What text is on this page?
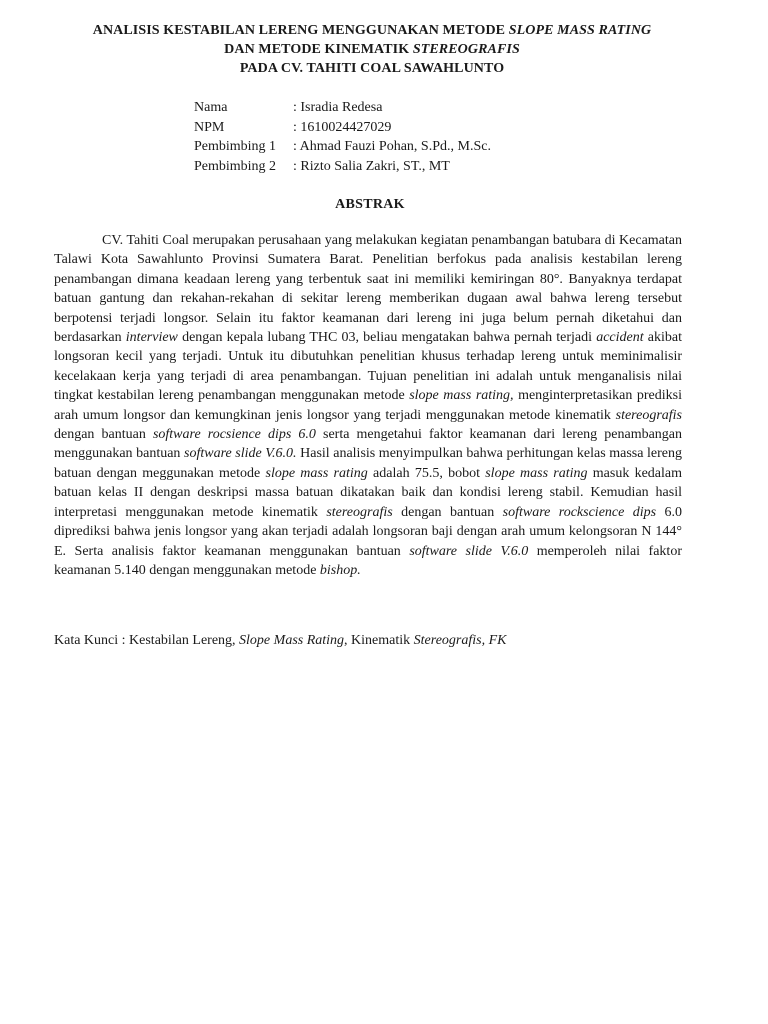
ANALISIS KESTABILAN LERENG MENGGUNAKAN METODE SLOPE MASS RATING
DAN METODE KINEMATIK STEREOGRAFIS
PADA CV. TAHITI COAL SAWAHLUNTO
Nama	: Isradia Redesa
NPM	: 1610024427029
Pembimbing 1	: Ahmad Fauzi Pohan, S.Pd., M.Sc.
Pembimbing 2	: Rizto Salia Zakri, ST., MT
ABSTRAK

CV. Tahiti Coal merupakan perusahaan yang melakukan kegiatan penambangan batubara di Kecamatan Talawi Kota Sawahlunto Provinsi Sumatera Barat. Penelitian berfokus pada analisis kestabilan lereng penambangan dimana keadaan lereng yang terbentuk saat ini memiliki kemiringan 80°. Banyaknya terdapat batuan gantung dan rekahan-rekahan di sekitar lereng memberikan dugaan awal bahwa lereng tersebut berpotensi terjadi longsor. Selain itu faktor keamanan dari lereng ini juga belum pernah diketahui dan berdasarkan interview dengan kepala lubang THC 03, beliau mengatakan bahwa pernah terjadi accident akibat longsoran kecil yang terjadi. Untuk itu dibutuhkan penelitian khusus terhadap lereng untuk meminimalisir kecelakaan kerja yang terjadi di area penambangan. Tujuan penelitian ini adalah untuk menganalisis nilai tingkat kestabilan lereng penambangan menggunakan metode slope mass rating, menginterpretasikan prediksi arah umum longsor dan kemungkinan jenis longsor yang terjadi menggunakan metode kinematik stereografis dengan bantuan software rocsience dips 6.0 serta mengetahui faktor keamanan dari lereng penambangan menggunakan bantuan software slide V.6.0. Hasil analisis menyimpulkan bahwa perhitungan kelas massa lereng batuan dengan meggunakan metode slope mass rating adalah 75.5, bobot slope mass rating masuk kedalam batuan kelas II dengan deskripsi massa batuan dikatakan baik dan kondisi lereng stabil. Kemudian hasil interpretasi menggunakan metode kinematik stereografis dengan bantuan software rockscience dips 6.0 diprediksi bahwa jenis longsor yang akan terjadi adalah longsoran baji dengan arah umum kelongsoran N 144° E. Serta analisis faktor keamanan menggunakan bantuan software slide V.6.0 memperoleh nilai faktor keamanan 5.140 dengan menggunakan metode bishop.

Kata Kunci : Kestabilan Lereng, Slope Mass Rating, Kinematik Stereografis, FK
